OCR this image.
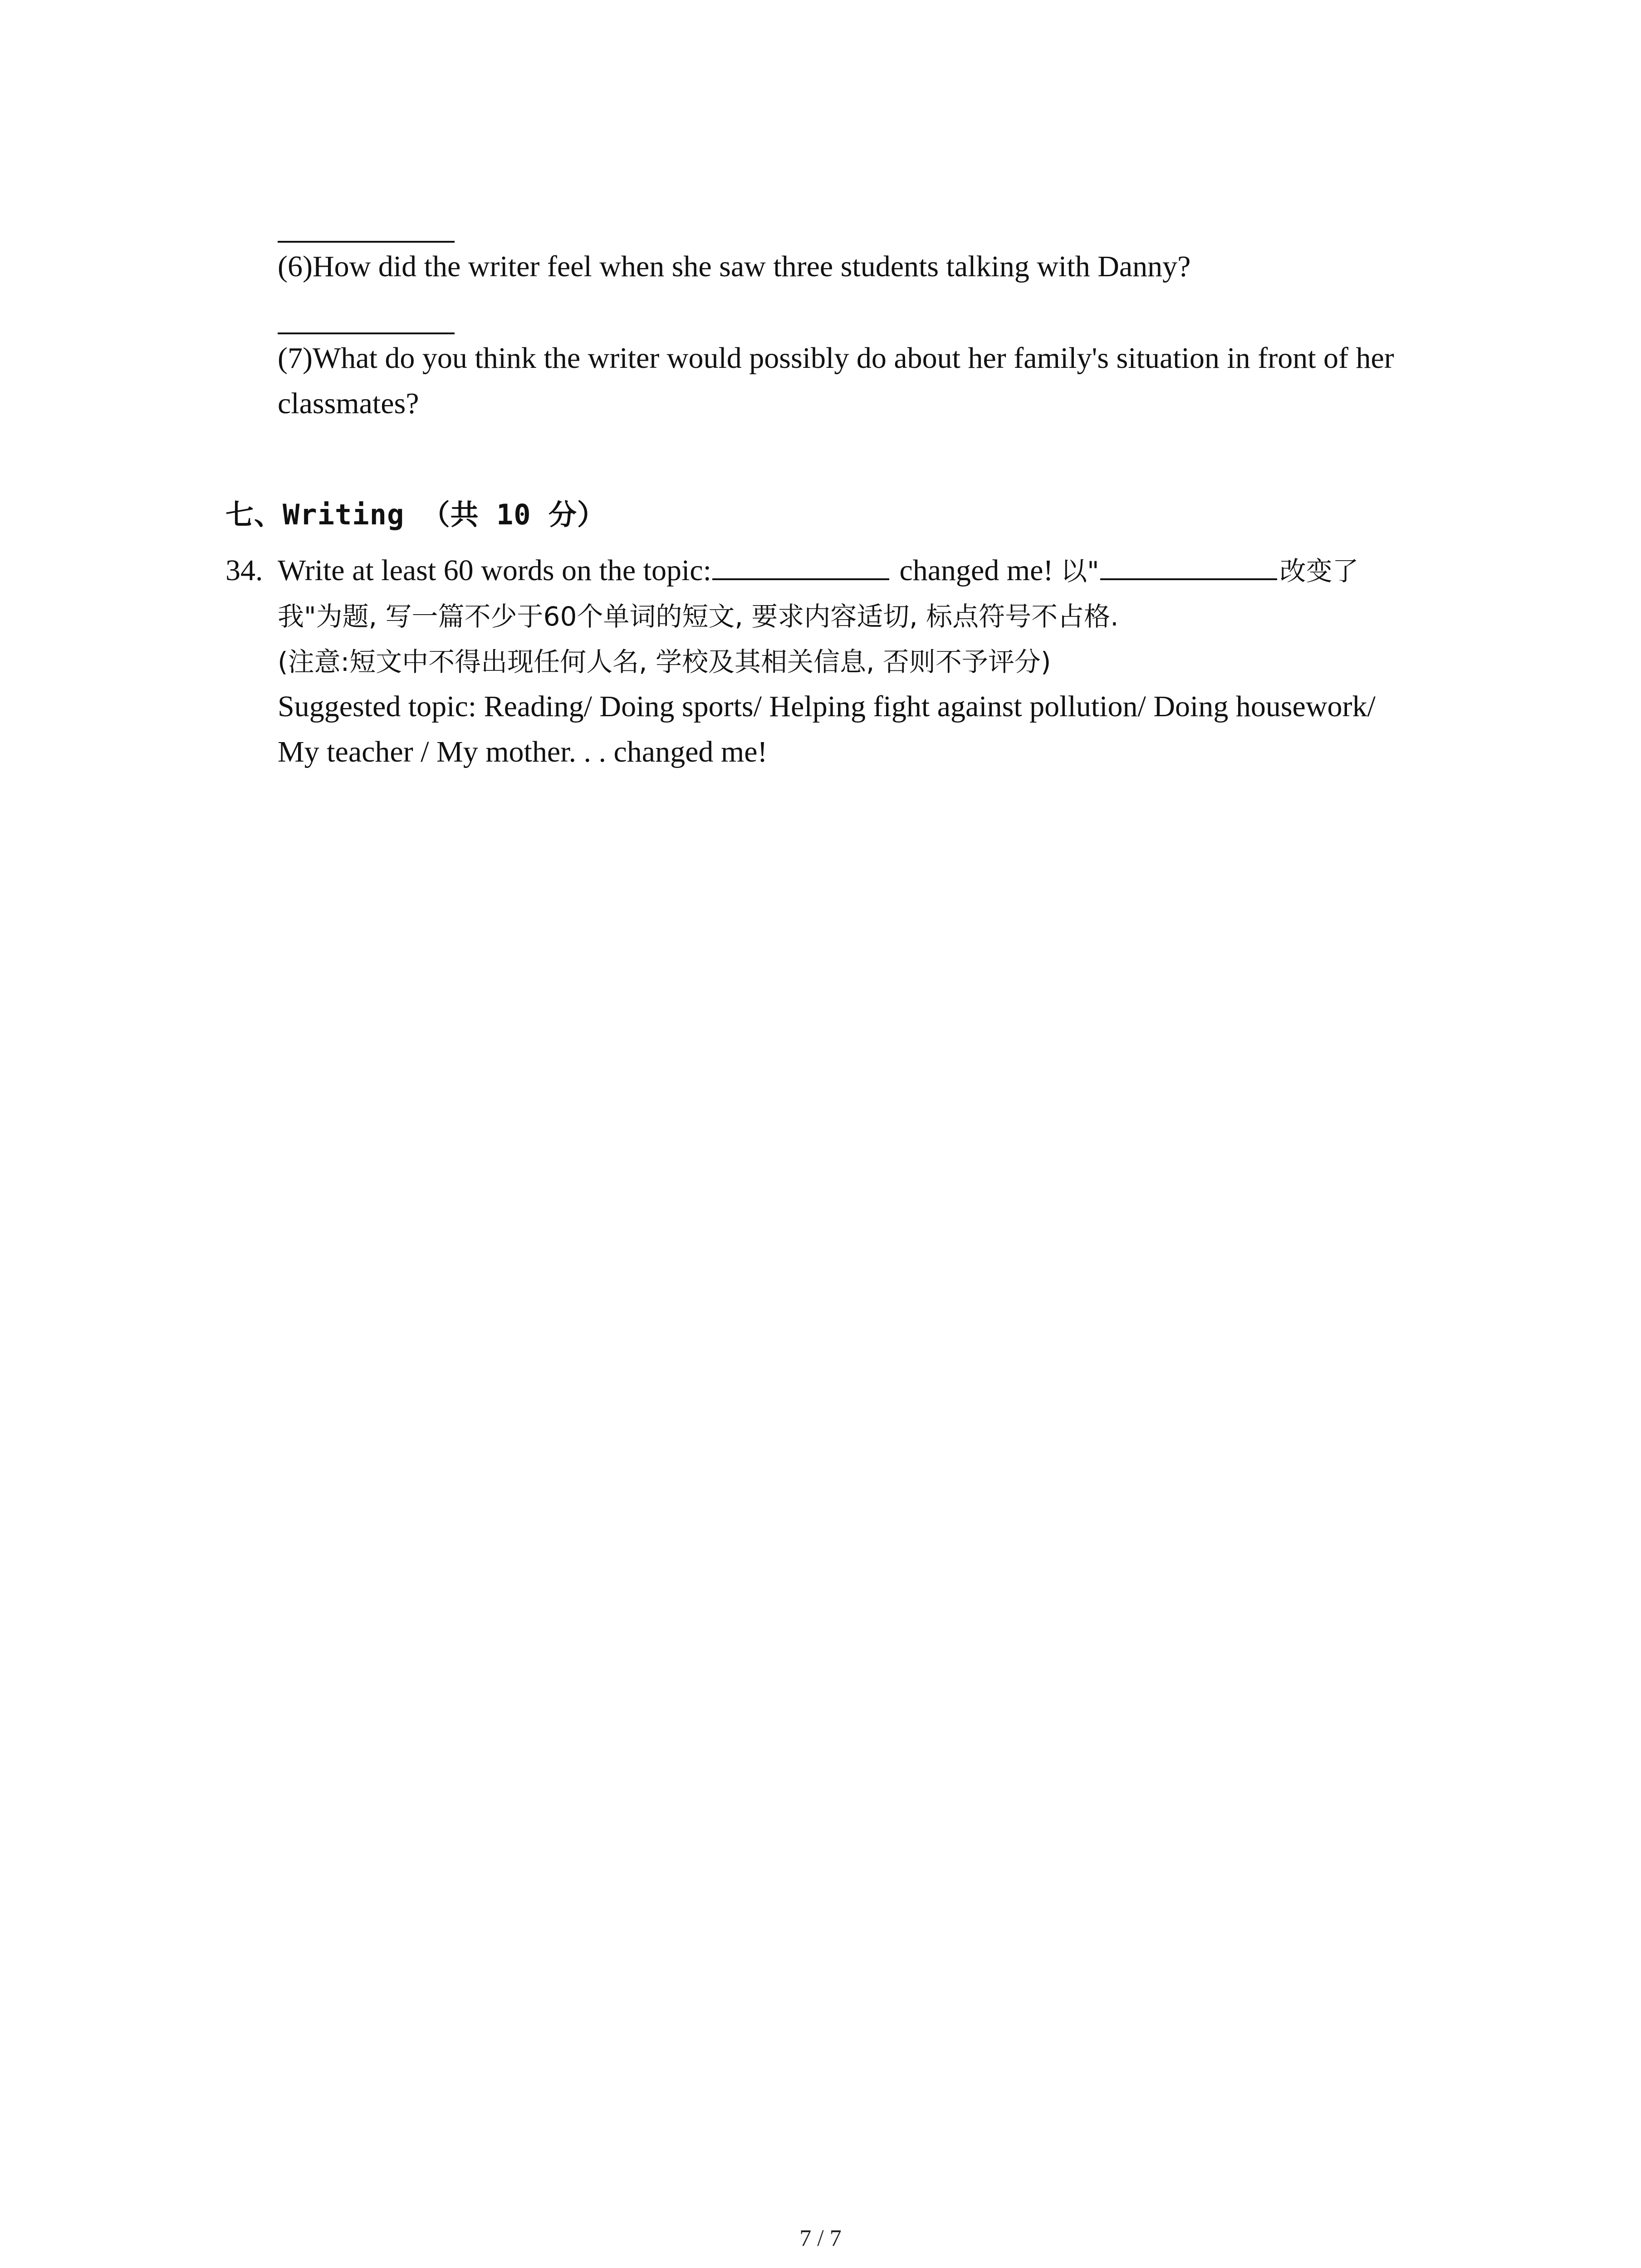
(6)How did the writer feel when she saw three students talking with Danny?
(7)What do you think the writer would possibly do about her family's situation in front of her
classmates?
七、Writing （共 10 分）
34. Write at least 60 words on the topic:	changed me! 以"	改变了
我"为题, 写一篇不少于60个单词的短文, 要求内容适切, 标点符号不占格.
(注意:短文中不得出现任何人名, 学校及其相关信息, 否则不予评分)
Suggested topic: Reading/ Doing sports/ Helping fight against pollution/ Doing housework/
My teacher / My mother. . . changed me!
7 / 7
